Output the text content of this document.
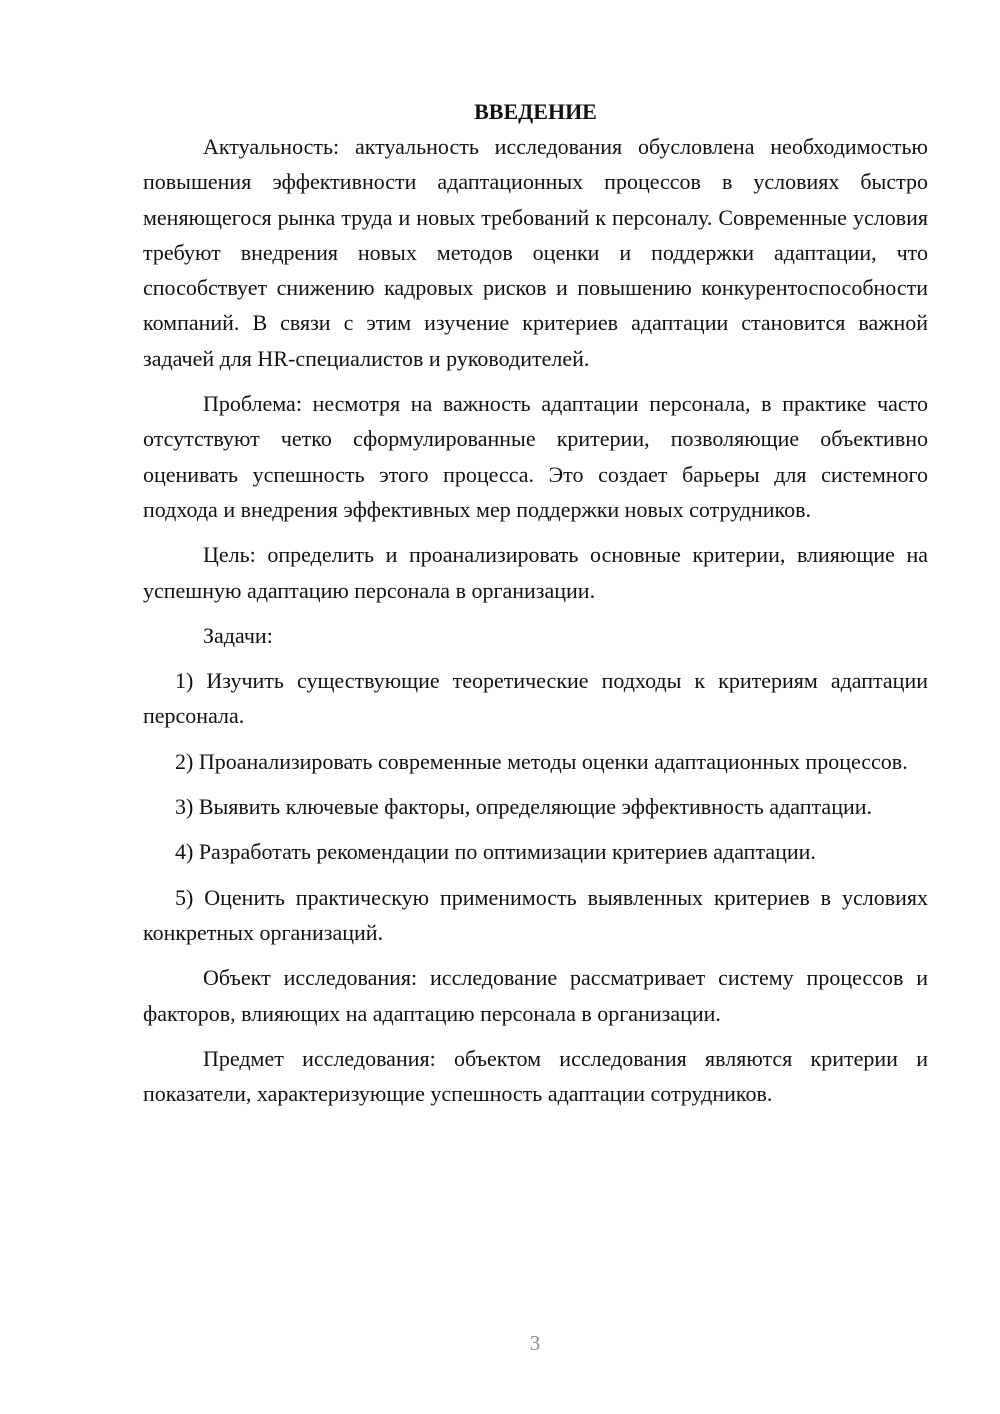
ВВЕДЕНИЕ

Актуальность: актуальность исследования обусловлена необходимостью повышения эффективности адаптационных процессов в условиях быстро меняющегося рынка труда и новых требований к персоналу. Современные условия требуют внедрения новых методов оценки и поддержки адаптации, что способствует снижению кадровых рисков и повышению конкурентоспособности компаний. В связи с этим изучение критериев адаптации становится важной задачей для HR-специалистов и руководителей.

Проблема: несмотря на важность адаптации персонала, в практике часто отсутствуют четко сформулированные критерии, позволяющие объективно оценивать успешность этого процесса. Это создает барьеры для системного подхода и внедрения эффективных мер поддержки новых сотрудников.

Цель: определить и проанализировать основные критерии, влияющие на успешную адаптацию персонала в организации.

Задачи:

1) Изучить существующие теоретические подходы к критериям адаптации персонала.

2) Проанализировать современные методы оценки адаптационных процессов.

3) Выявить ключевые факторы, определяющие эффективность адаптации.

4) Разработать рекомендации по оптимизации критериев адаптации.

5) Оценить практическую применимость выявленных критериев в условиях конкретных организаций.

Объект исследования: исследование рассматривает систему процессов и факторов, влияющих на адаптацию персонала в организации.

Предмет исследования: объектом исследования являются критерии и показатели, характеризующие успешность адаптации сотрудников.

3
